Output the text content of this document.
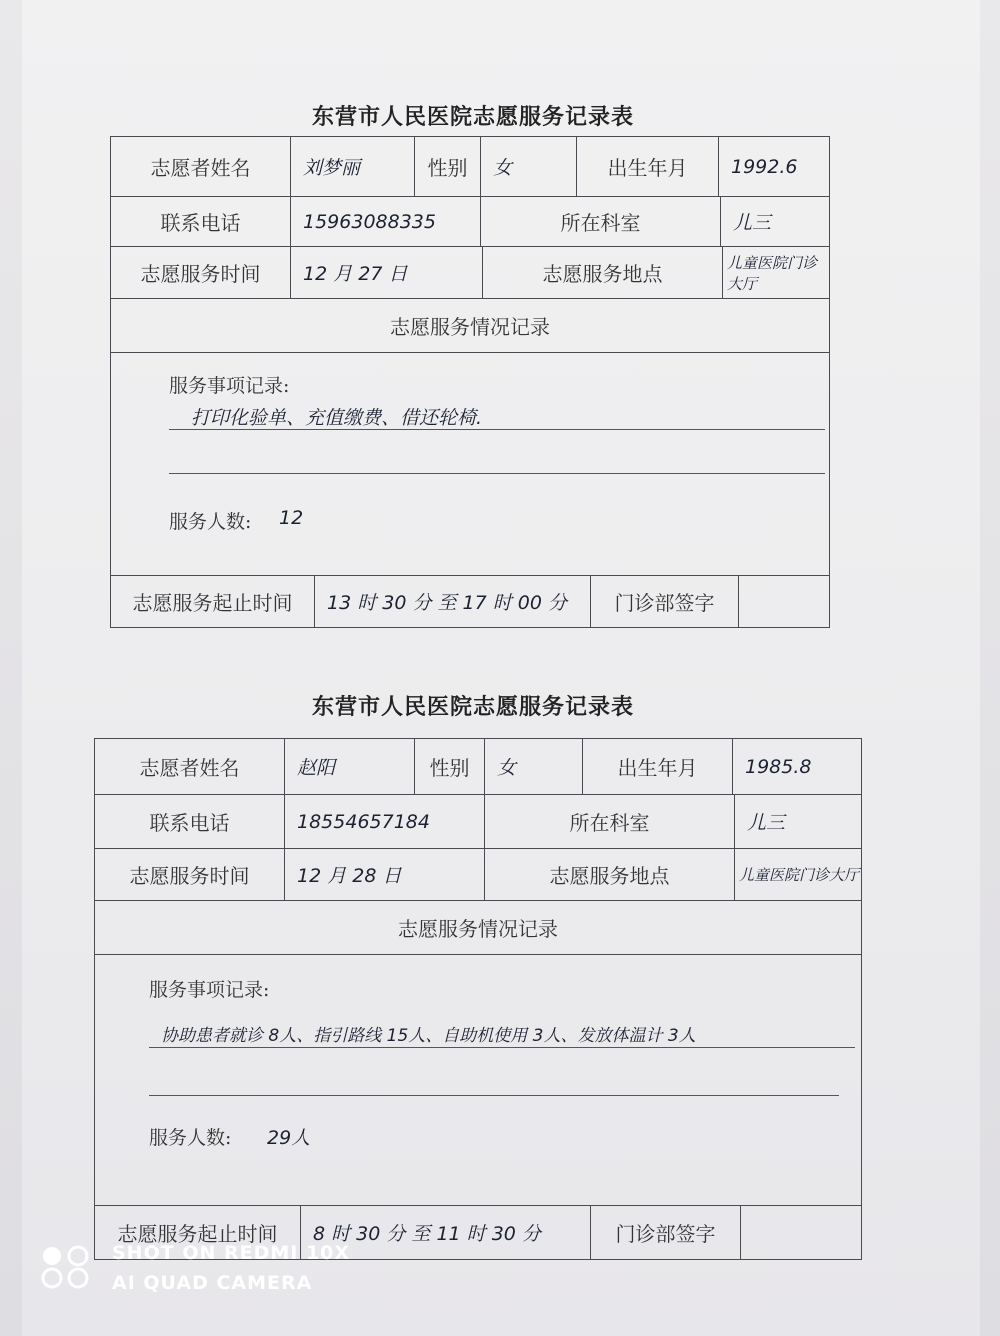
东营市人民医院志愿服务记录表
志愿者姓名	刘梦丽	性别	女	出生年月	1992.6
联系电话	15963088335	所在科室	儿三
志愿服务时间	12 月 27 日	志愿服务地点	儿童医院门诊大厅
志愿服务情况记录
服务事项记录:
打印化验单、充值缴费、借还轮椅.
服务人数: 12
志愿服务起止时间	13 时 30 分 至 17 时 00 分	门诊部签字
东营市人民医院志愿服务记录表
志愿者姓名	赵阳	性别	女	出生年月	1985.8
联系电话	18554657184	所在科室	儿三
志愿服务时间	12 月 28 日	志愿服务地点	儿童医院门诊大厅
志愿服务情况记录
服务事项记录:
协助患者就诊 8人、指引路线 15人、自助机使用 3人、发放体温计 3人
服务人数: 29人
志愿服务起止时间	8 时 30 分 至 11 时 30 分	门诊部签字
SHOT ON REDMI 10X
AI QUAD CAMERA
